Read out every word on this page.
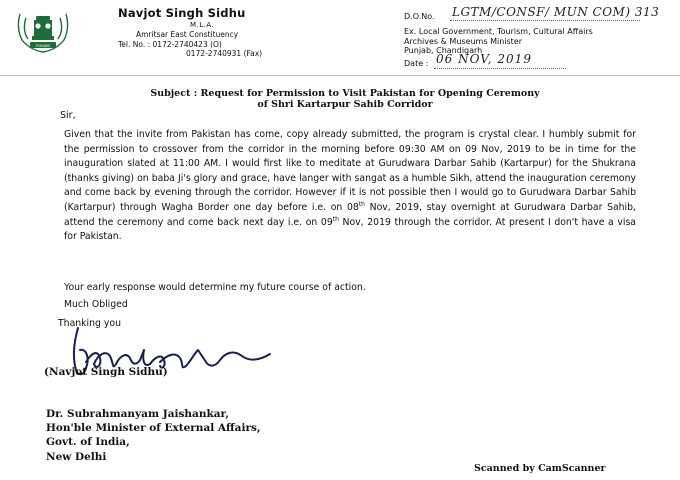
PUNJAB
Navjot Singh Sidhu
M.L.A.
Amritsar East Constituency
Tel. No. : 0172-2740423 (O)
0172-2740931 (Fax)
D.O.No. LGTM/CONSF/ MUN COM) 313
Ex. Local Government, Tourism, Cultural Affairs
Archives & Museums Minister
Punjab, Chandigarh
Date : 06 NOV, 2019
Subject : Request for Permission to Visit Pakistan for Opening Ceremony
of Shri Kartarpur Sahib Corridor
Sir,
Given that the invite from Pakistan has come, copy already submitted, the program is crystal clear. I humbly submit for the permission to crossover from the corridor in the morning before 09:30 AM on 09 Nov, 2019 to be in time for the inauguration slated at 11:00 AM. I would first like to meditate at Gurudwara Darbar Sahib (Kartarpur) for the Shukrana (thanks giving) on baba Ji's glory and grace, have langer with sangat as a humble Sikh, attend the inauguration ceremony and come back by evening through the corridor. However if it is not possible then I would go to Gurudwara Darbar Sahib (Kartarpur) through Wagha Border one day before i.e. on 08th Nov, 2019, stay overnight at Gurudwara Darbar Sahib, attend the ceremony and come back next day i.e. on 09th Nov, 2019 through the corridor. At present I don't have a visa for Pakistan.
Your early response would determine my future course of action.
Much Obliged
Thanking you
(Navjot Singh Sidhu)
Dr. Subrahmanyam Jaishankar,
Hon'ble Minister of External Affairs,
Govt. of India,
New Delhi
Scanned by CamScanner
